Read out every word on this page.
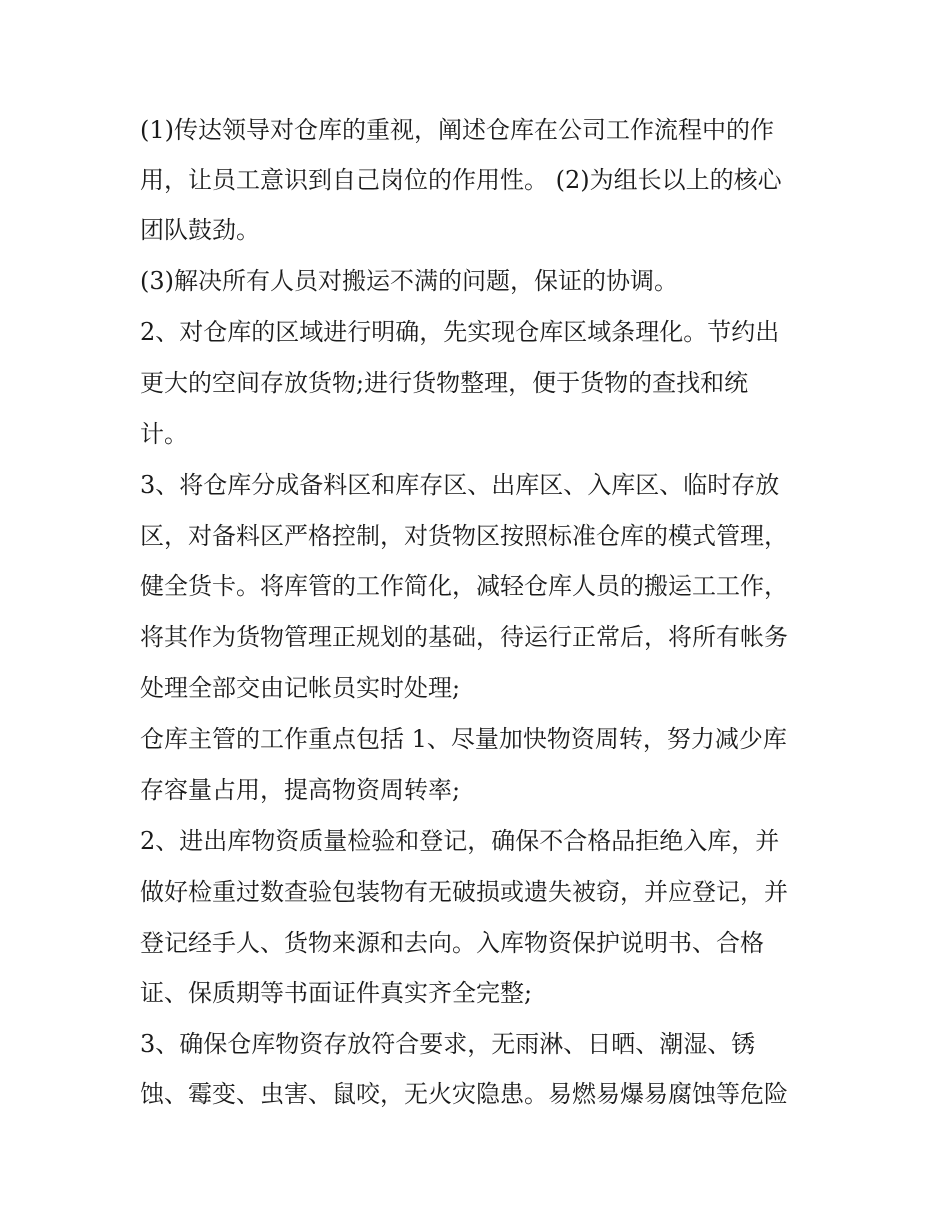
(1)传达领导对仓库的重视，阐述仓库在公司工作流程中的作

用，让员工意识到自己岗位的作用性。 (2)为组长以上的核心

团队鼓劲。

(3)解决所有人员对搬运不满的问题，保证的协调。

2、对仓库的区域进行明确，先实现仓库区域条理化。节约出

更大的空间存放货物;进行货物整理，便于货物的查找和统

计。

3、将仓库分成备料区和库存区、出库区、入库区、临时存放

区，对备料区严格控制，对货物区按照标准仓库的模式管理，

健全货卡。将库管的工作简化，减轻仓库人员的搬运工工作，

将其作为货物管理正规划的基础，待运行正常后，将所有帐务

处理全部交由记帐员实时处理;

仓库主管的工作重点包括 1、尽量加快物资周转，努力减少库

存容量占用，提高物资周转率;

2、进出库物资质量检验和登记，确保不合格品拒绝入库，并

做好检重过数查验包装物有无破损或遗失被窃，并应登记，并

登记经手人、货物来源和去向。入库物资保护说明书、合格

证、保质期等书面证件真实齐全完整;

3、确保仓库物资存放符合要求，无雨淋、日晒、潮湿、锈

蚀、霉变、虫害、鼠咬，无火灾隐患。易燃易爆易腐蚀等危险
